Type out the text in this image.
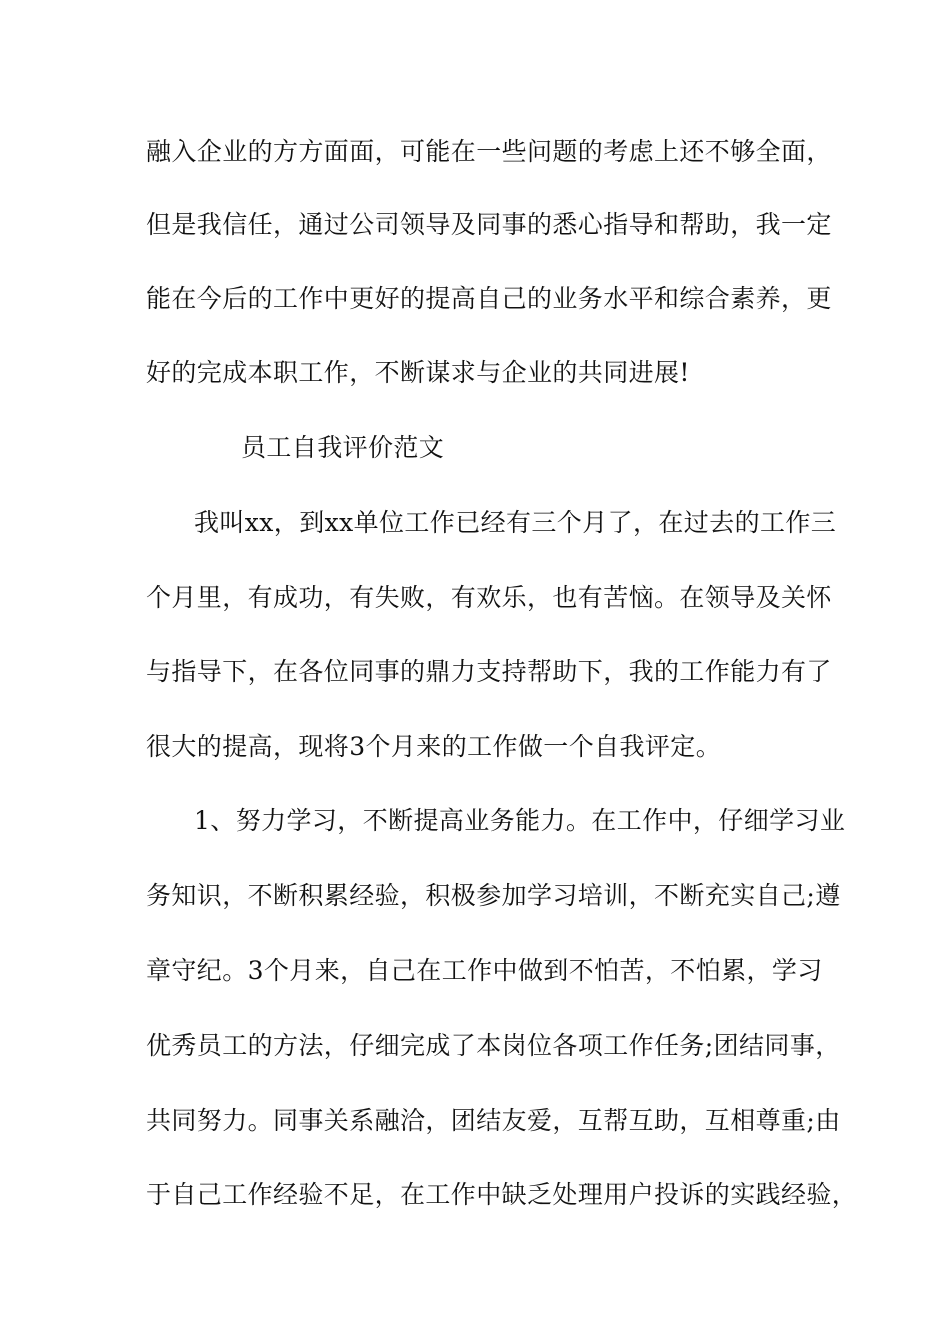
融入企业的方方面面，可能在一些问题的考虑上还不够全面，
但是我信任，通过公司领导及同事的悉心指导和帮助，我一定
能在今后的工作中更好的提高自己的业务水平和综合素养，更
好的完成本职工作，不断谋求与企业的共同进展!
员工自我评价范文
我叫xx，到xx单位工作已经有三个月了，在过去的工作三
个月里，有成功，有失败，有欢乐，也有苦恼。在领导及关怀
与指导下，在各位同事的鼎力支持帮助下，我的工作能力有了
很大的提高，现将3个月来的工作做一个自我评定。
1、努力学习，不断提高业务能力。在工作中，仔细学习业
务知识，不断积累经验，积极参加学习培训，不断充实自己;遵
章守纪。3个月来，自己在工作中做到不怕苦，不怕累，学习
优秀员工的方法，仔细完成了本岗位各项工作任务;团结同事，
共同努力。同事关系融洽，团结友爱，互帮互助，互相尊重;由
于自己工作经验不足，在工作中缺乏处理用户投诉的实践经验，
